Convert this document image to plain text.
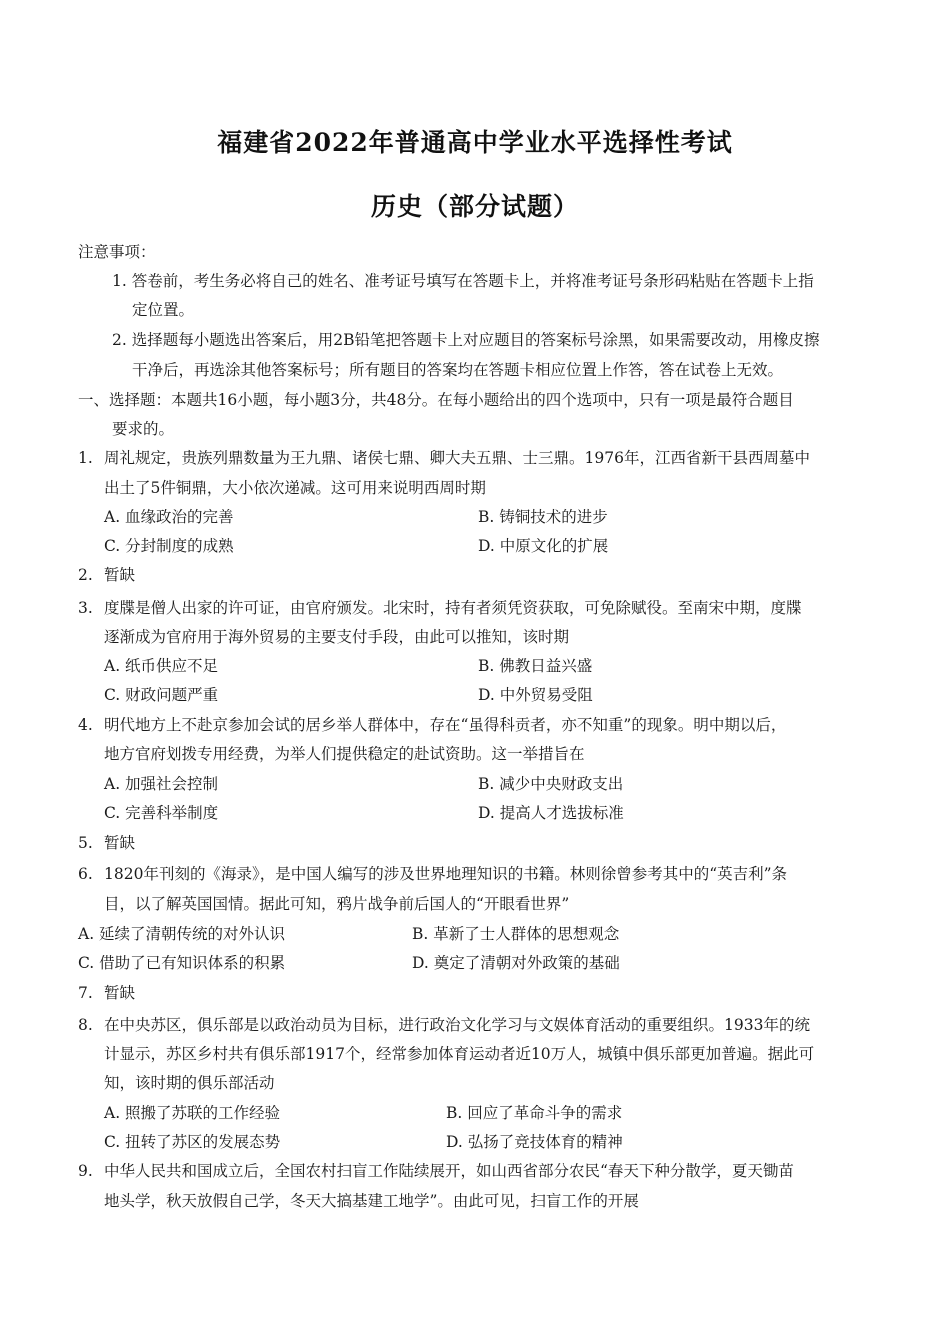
福建省2022年普通高中学业水平选择性考试
历史（部分试题）
注意事项：
1. 答卷前，考生务必将自己的姓名、准考证号填写在答题卡上，并将准考证号条形码粘贴在答题卡上指
定位置。
2. 选择题每小题选出答案后，用2B铅笔把答题卡上对应题目的答案标号涂黑，如果需要改动，用橡皮擦
干净后，再选涂其他答案标号；所有题目的答案均在答题卡相应位置上作答，答在试卷上无效。
一、选择题：本题共16小题，每小题3分，共48分。在每小题给出的四个选项中，只有一项是最符合题目
要求的。
1. 周礼规定，贵族列鼎数量为王九鼎、诸侯七鼎、卿大夫五鼎、士三鼎。1976年，江西省新干县西周墓中
出土了5件铜鼎，大小依次递减。这可用来说明西周时期
A. 血缘政治的完善	B. 铸铜技术的进步
C. 分封制度的成熟	D. 中原文化的扩展
2. 暂缺
3. 度牒是僧人出家的许可证，由官府颁发。北宋时，持有者须凭资获取，可免除赋役。至南宋中期，度牒
逐渐成为官府用于海外贸易的主要支付手段，由此可以推知，该时期
A. 纸币供应不足	B. 佛教日益兴盛
C. 财政问题严重	D. 中外贸易受阻
4. 明代地方上不赴京参加会试的居乡举人群体中，存在“虽得科贡者，亦不知重”的现象。明中期以后，
地方官府划拨专用经费，为举人们提供稳定的赴试资助。这一举措旨在
A. 加强社会控制	B. 减少中央财政支出
C. 完善科举制度	D. 提高人才选拔标准
5. 暂缺
6. 1820年刊刻的《海录》，是中国人编写的涉及世界地理知识的书籍。林则徐曾参考其中的“英吉利”条
目，以了解英国国情。据此可知，鸦片战争前后国人的“开眼看世界”
A. 延续了清朝传统的对外认识	B. 革新了士人群体的思想观念
C. 借助了已有知识体系的积累	D. 奠定了清朝对外政策的基础
7. 暂缺
8. 在中央苏区，俱乐部是以政治动员为目标，进行政治文化学习与文娱体育活动的重要组织。1933年的统
计显示，苏区乡村共有俱乐部1917个，经常参加体育运动者近10万人，城镇中俱乐部更加普遍。据此可
知，该时期的俱乐部活动
A. 照搬了苏联的工作经验	B. 回应了革命斗争的需求
C. 扭转了苏区的发展态势	D. 弘扬了竞技体育的精神
9. 中华人民共和国成立后，全国农村扫盲工作陆续展开，如山西省部分农民“春天下种分散学，夏天锄苗
地头学，秋天放假自己学，冬天大搞基建工地学”。由此可见，扫盲工作的开展
